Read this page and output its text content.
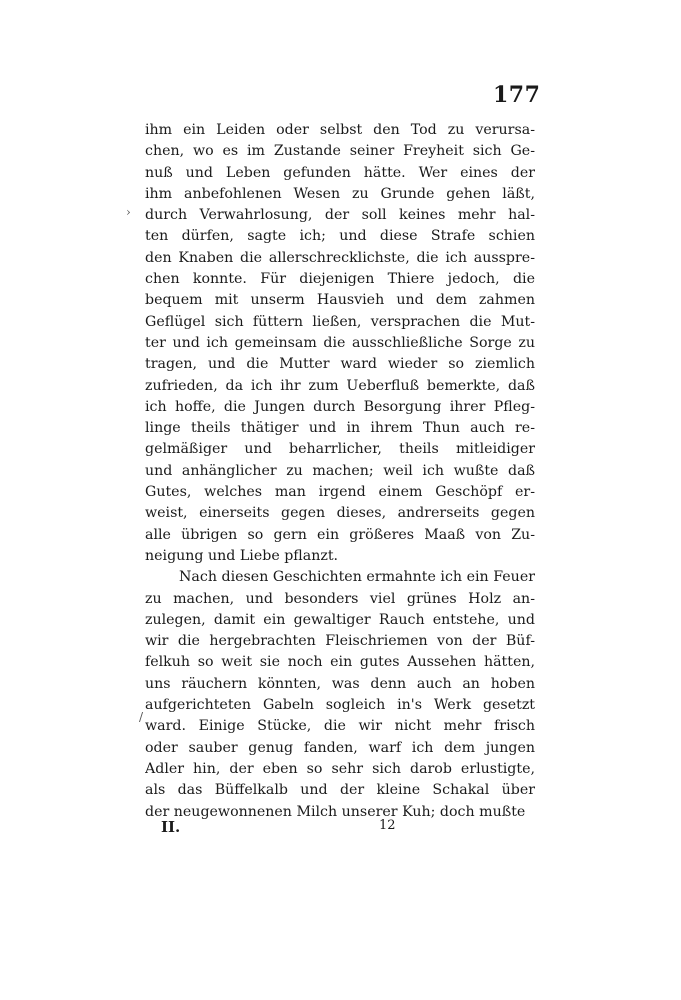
177
ihm ein Leiden oder selbst den Tod zu verursa-
chen, wo es im Zustande seiner Freyheit sich Ge-
nuß und Leben gefunden hätte. Wer eines der
ihm anbefohlenen Wesen zu Grunde gehen läßt,
durch Verwahrlosung, der soll keines mehr hal-
ten dürfen, sagte ich; und diese Strafe schien
den Knaben die allerschrecklichste, die ich ausspre-
chen konnte. Für diejenigen Thiere jedoch, die
bequem mit unserm Hausvieh und dem zahmen
Geflügel sich füttern ließen, versprachen die Mut-
ter und ich gemeinsam die ausschließliche Sorge zu
tragen, und die Mutter ward wieder so ziemlich
zufrieden, da ich ihr zum Ueberfluß bemerkte, daß
ich hoffe, die Jungen durch Besorgung ihrer Pfleg-
linge theils thätiger und in ihrem Thun auch re-
gelmäßiger und beharrlicher, theils mitleidiger
und anhänglicher zu machen; weil ich wußte daß
Gutes, welches man irgend einem Geschöpf er-
weist, einerseits gegen dieses, andrerseits gegen
alle übrigen so gern ein größeres Maaß von Zu-
neigung und Liebe pflanzt.
Nach diesen Geschichten ermahnte ich ein Feuer
zu machen, und besonders viel grünes Holz an-
zulegen, damit ein gewaltiger Rauch entstehe, und
wir die hergebrachten Fleischriemen von der Büf-
felkuh so weit sie noch ein gutes Aussehen hätten,
uns räuchern könnten, was denn auch an hoben
aufgerichteten Gabeln sogleich in's Werk gesetzt
ward. Einige Stücke, die wir nicht mehr frisch
oder sauber genug fanden, warf ich dem jungen
Adler hin, der eben so sehr sich darob erlustigte,
als das Büffelkalb und der kleine Schakal über
der neugewonnenen Milch unserer Kuh; doch mußte
›
/
II.	12
